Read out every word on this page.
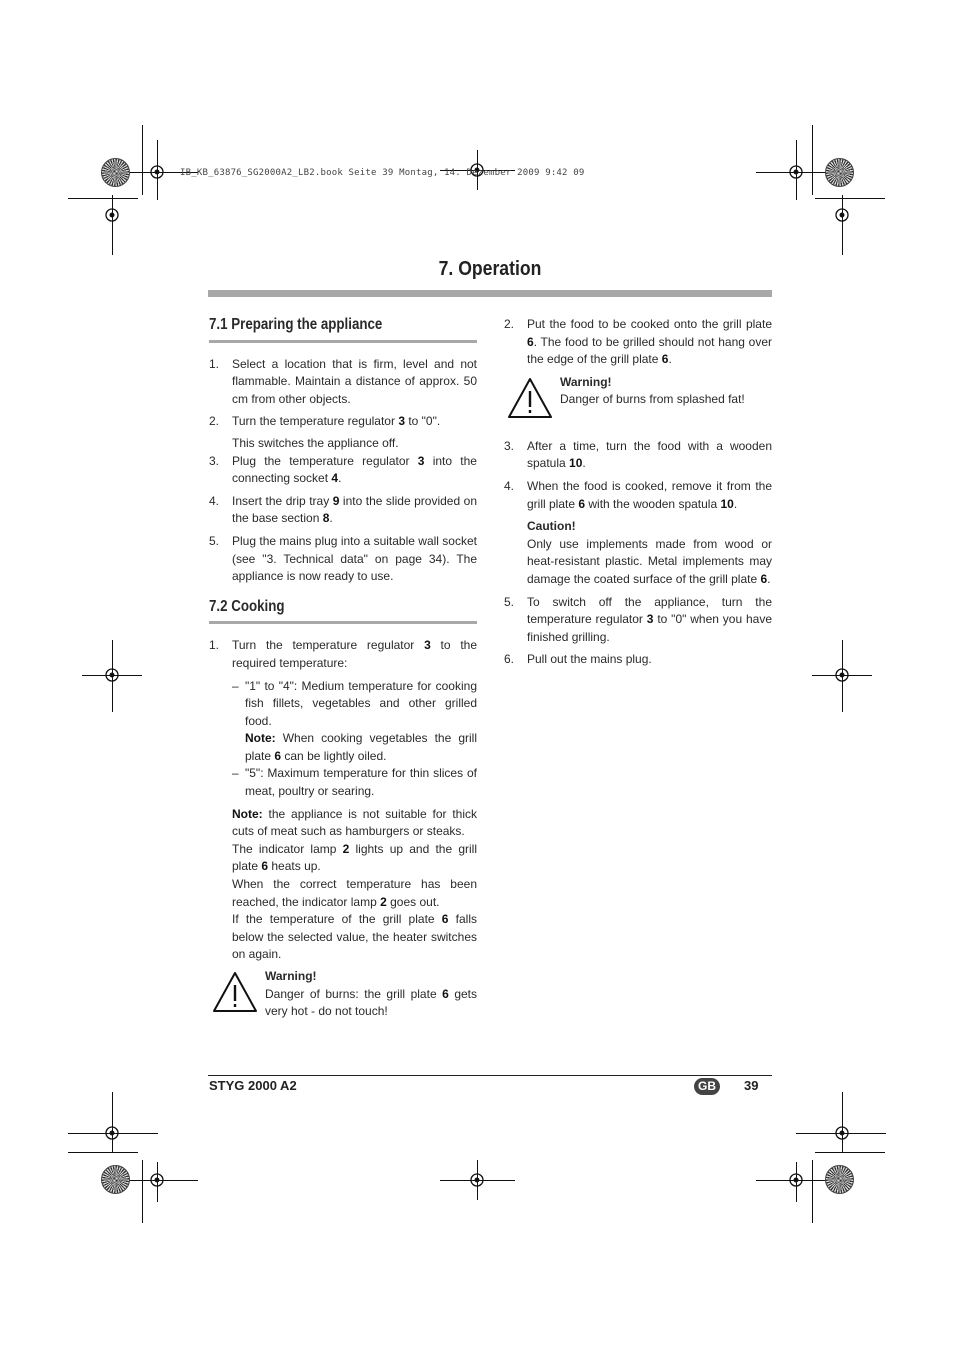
IB_KB_63876_SG2000A2_LB2.book Seite 39 Montag, 14. Dezember 2009 9:42 09
7. Operation
7.1 Preparing the appliance
1. Select a location that is firm, level and not flammable. Maintain a distance of approx. 50 cm from other objects.
2. Turn the temperature regulator 3 to "0".

This switches the appliance off.

3. Plug the temperature regulator 3 into the connecting socket 4.
4. Insert the drip tray 9 into the slide provided on the base section 8.
5. Plug the mains plug into a suitable wall socket (see "3. Technical data" on page 34). The appliance is now ready to use.
7.2 Cooking
1. Turn the temperature regulator 3 to the required temperature:
– "1" to "4": Medium temperature for cooking fish fillets, vegetables and other grilled food.

Note: When cooking vegetables the grill plate 6 can be lightly oiled.

– "5": Maximum temperature for thin slices of meat, poultry or searing.

Note: the appliance is not suitable for thick cuts of meat such as hamburgers or steaks.

The indicator lamp 2 lights up and the grill plate 6 heats up.

When the correct temperature has been reached, the indicator lamp 2 goes out.

If the temperature of the grill plate 6 falls below the selected value, the heater switches on again.

Warning!
Danger of burns: the grill plate 6 gets very hot - do not touch!
2. Put the food to be cooked onto the grill plate 6. The food to be grilled should not hang over the edge of the grill plate 6.
Warning!
Danger of burns from splashed fat!
3. After a time, turn the food with a wooden spatula 10.
4. When the food is cooked, remove it from the grill plate 6 with the wooden spatula 10.
Caution!
Only use implements made from wood or heat-resistant plastic. Metal implements may damage the coated surface of the grill plate 6.
5. To switch off the appliance, turn the temperature regulator 3 to "0" when you have finished grilling.
6. Pull out the mains plug.
STYG 2000 A2	GB	39
